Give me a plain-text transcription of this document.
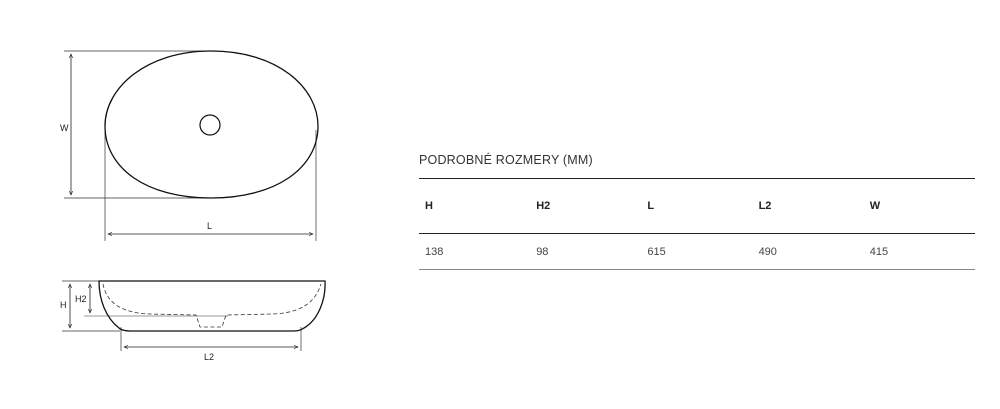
W
L
H
H2
L2
PODROBNÉ ROZMERY (MM)
H	H2	L	L2	W
138	98	615	490	415
